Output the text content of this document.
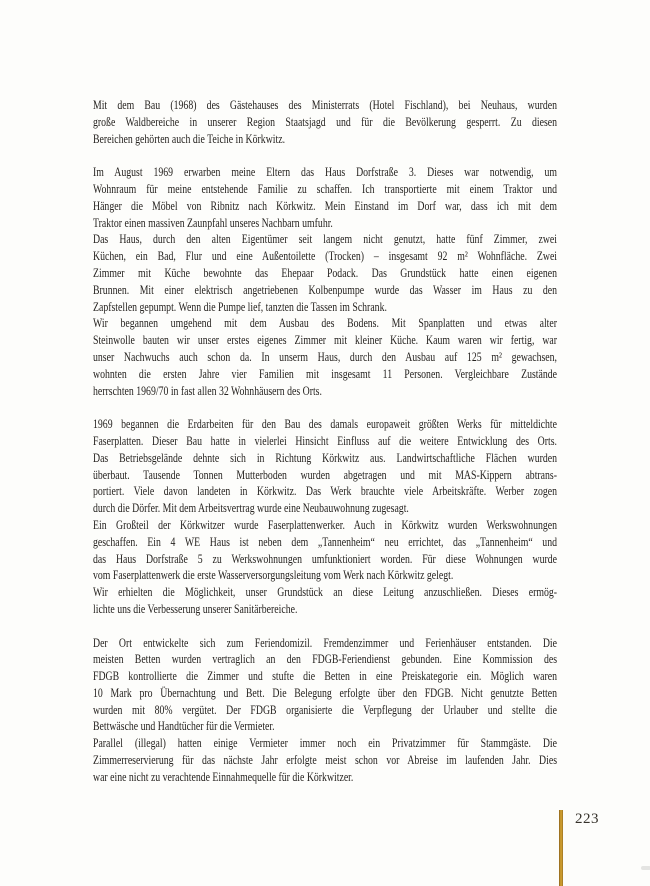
Mit dem Bau (1968) des Gästehauses des Ministerrats (Hotel Fischland), bei Neuhaus, wurden
große Waldbereiche in unserer Region Staatsjagd und für die Bevölkerung gesperrt. Zu diesen
Bereichen gehörten auch die Teiche in Körkwitz.
Im August 1969 erwarben meine Eltern das Haus Dorfstraße 3. Dieses war notwendig, um
Wohnraum für meine entstehende Familie zu schaffen. Ich transportierte mit einem Traktor und
Hänger die Möbel von Ribnitz nach Körkwitz. Mein Einstand im Dorf war, dass ich mit dem
Traktor einen massiven Zaunpfahl unseres Nachbarn umfuhr.
Das Haus, durch den alten Eigentümer seit langem nicht genutzt, hatte fünf Zimmer, zwei
Küchen, ein Bad, Flur und eine Außentoilette (Trocken) – insgesamt 92 m² Wohnfläche. Zwei
Zimmer mit Küche bewohnte das Ehepaar Podack. Das Grundstück hatte einen eigenen
Brunnen. Mit einer elektrisch angetriebenen Kolbenpumpe wurde das Wasser im Haus zu den
Zapfstellen gepumpt. Wenn die Pumpe lief, tanzten die Tassen im Schrank.
Wir begannen umgehend mit dem Ausbau des Bodens. Mit Spanplatten und etwas alter
Steinwolle bauten wir unser erstes eigenes Zimmer mit kleiner Küche. Kaum waren wir fertig, war
unser Nachwuchs auch schon da. In unserm Haus, durch den Ausbau auf 125 m² gewachsen,
wohnten die ersten Jahre vier Familien mit insgesamt 11 Personen. Vergleichbare Zustände
herrschten 1969/70 in fast allen 32 Wohnhäusern des Orts.
1969 begannen die Erdarbeiten für den Bau des damals europaweit größten Werks für mitteldichte
Faserplatten. Dieser Bau hatte in vielerlei Hinsicht Einfluss auf die weitere Entwicklung des Orts.
Das Betriebsgelände dehnte sich in Richtung Körkwitz aus. Landwirtschaftliche Flächen wurden
überbaut. Tausende Tonnen Mutterboden wurden abgetragen und mit MAS-Kippern abtrans-
portiert. Viele davon landeten in Körkwitz. Das Werk brauchte viele Arbeitskräfte. Werber zogen
durch die Dörfer. Mit dem Arbeitsvertrag wurde eine Neubauwohnung zugesagt.
Ein Großteil der Körkwitzer wurde Faserplattenwerker. Auch in Körkwitz wurden Werkswohnungen
geschaffen. Ein 4 WE Haus ist neben dem „Tannenheim“ neu errichtet, das „Tannenheim“ und
das Haus Dorfstraße 5 zu Werkswohnungen umfunktioniert worden. Für diese Wohnungen wurde
vom Faserplattenwerk die erste Wasserversorgungsleitung vom Werk nach Körkwitz gelegt.
Wir erhielten die Möglichkeit, unser Grundstück an diese Leitung anzuschließen. Dieses ermög-
lichte uns die Verbesserung unserer Sanitärbereiche.
Der Ort entwickelte sich zum Feriendomizil. Fremdenzimmer und Ferienhäuser entstanden. Die
meisten Betten wurden vertraglich an den FDGB-Feriendienst gebunden. Eine Kommission des
FDGB kontrollierte die Zimmer und stufte die Betten in eine Preiskategorie ein. Möglich waren
10 Mark pro Übernachtung und Bett. Die Belegung erfolgte über den FDGB. Nicht genutzte Betten
wurden mit 80% vergütet. Der FDGB organisierte die Verpflegung der Urlauber und stellte die
Bettwäsche und Handtücher für die Vermieter.
Parallel (illegal) hatten einige Vermieter immer noch ein Privatzimmer für Stammgäste. Die
Zimmerreservierung für das nächste Jahr erfolgte meist schon vor Abreise im laufenden Jahr. Dies
war eine nicht zu verachtende Einnahmequelle für die Körkwitzer.
223
